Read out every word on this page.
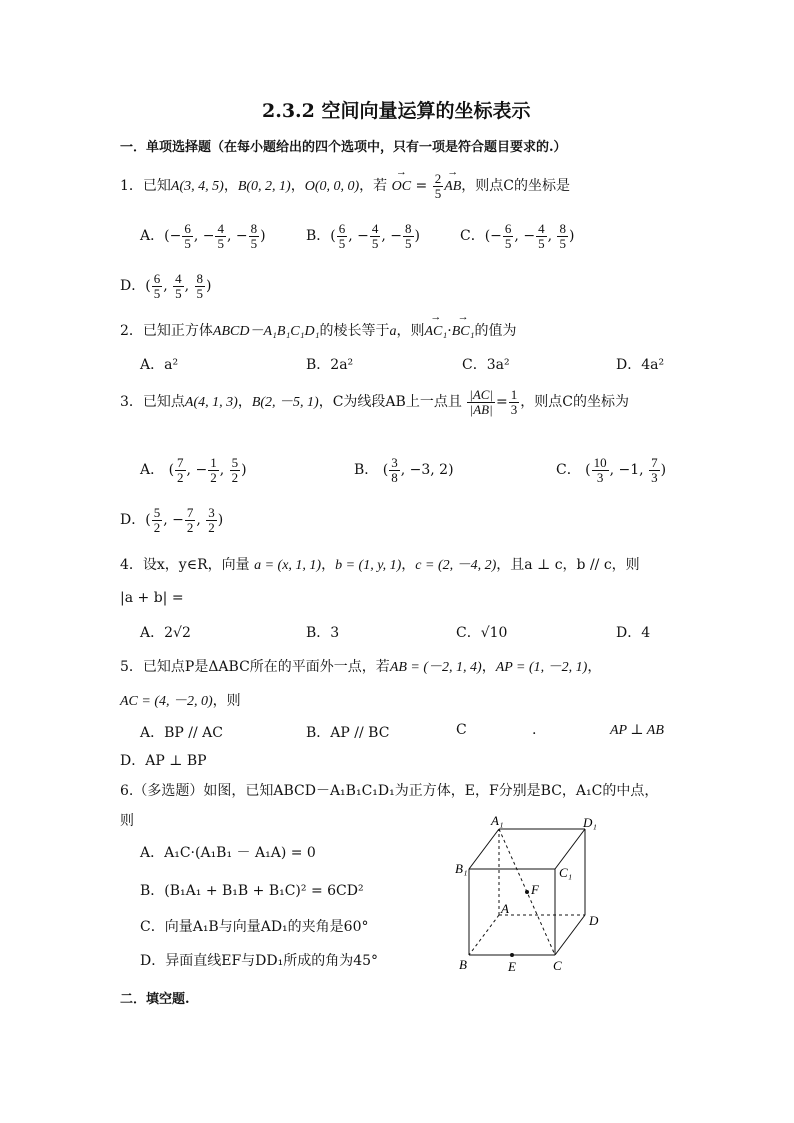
2.3.2 空间向量运算的坐标表示
一．单项选择题（在每小题给出的四个选项中，只有一项是符合题目要求的.）
1．已知A(3, 4, 5)，B(0, 2, 1)，O(0, 0, 0)，若 → OC = $\frac{2}{5}$ → AB，则点C的坐标是
A．(− $\frac{6}{5}$ , − $\frac{4}{5}$ , − $\frac{8}{5}$ )	B．( $\frac{6}{5}$ , − $\frac{4}{5}$ , − $\frac{8}{5}$ )	C．(− $\frac{6}{5}$ , − $\frac{4}{5}$ , $\frac{8}{5}$ )
D．( $\frac{6}{5}$ , $\frac{4}{5}$ , $\frac{8}{5}$ )
2．已知正方体ABCD－A₁B₁C₁D₁的棱长等于a，则→ AC₁·→ BC₁的值为
A．a²	B．2a²	C．3a²	D．4a²
3．已知点A(4, 1, 3)，B(2, －5, 1)，C为线段AB上一点且 $\frac{|AC|}{|AB|} = \frac{1}{3}$ ，则点C的坐标为
A． ( $\frac{7}{2}$ , − $\frac{1}{2}$ , $\frac{5}{2}$ )	B． ( $\frac{3}{8}$ , −3, 2)	C． ( $\frac{10}{3}$ , −1, $\frac{7}{3}$ )
D．( $\frac{5}{2}$ , − $\frac{7}{2}$ , $\frac{3}{2}$ )
4．设x，y∈R，向量 a = (x, 1, 1)，b = (1, y, 1)，c = (2, －4, 2)，且a ⊥ c，b // c，则
|a + b| =
A．2√2	B．3	C．√10	D．4
5．已知点P是ΔABC所在的平面外一点，若AB = (－2, 1, 4)，AP = (1, －2, 1)，
AC = (4, －2, 0)，则
A．BP // AC	B．AP // BC	C	.	AP ⊥ AB
D．AP ⊥ BP
6.（多选题）如图，已知ABCD－A₁B₁C₁D₁为正方体，E，F分别是BC，A₁C的中点，
则
A．A₁C·(A₁B₁ － A₁A) = 0
B．(B₁A₁ + B₁B + B₁C)² = 6CD²
C．向量A₁B与向量AD₁的夹角是60°
D．异面直线EF与DD₁所成的角为45°
A₁	D₁
B₁	C₁
A
D
B	C
E
F
二．填空题.
